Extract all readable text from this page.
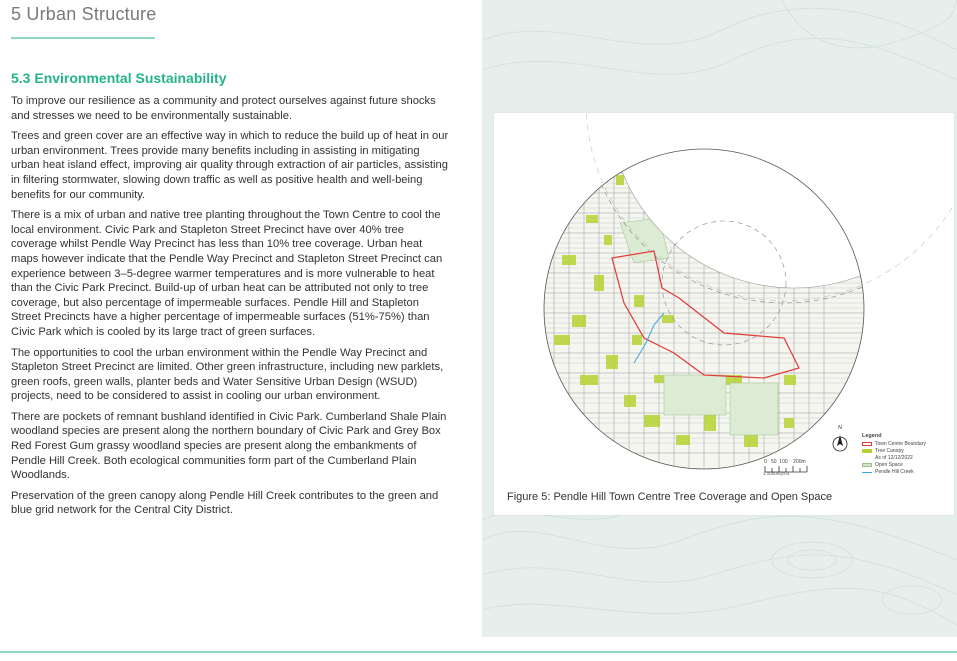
5 Urban Structure
5.3 Environmental Sustainability

To improve our resilience as a community and protect ourselves against future shocks and stresses we need to be environmentally sustainable.

Trees and green cover are an effective way in which to reduce the build up of heat in our urban environment. Trees provide many benefits including in assisting in mitigating urban heat island effect, improving air quality through extraction of air particles, assisting in filtering stormwater, slowing down traffic as well as positive health and well-being benefits for our community.

There is a mix of urban and native tree planting throughout the Town Centre to cool the local environment. Civic Park and Stapleton Street Precinct have over 40% tree coverage whilst Pendle Way Precinct has less than 10% tree coverage. Urban heat maps however indicate that the Pendle Way Precinct and Stapleton Street Precinct can experience between 3–5-degree warmer temperatures and is more vulnerable to heat than the Civic Park Precinct. Build-up of urban heat can be attributed not only to tree coverage, but also percentage of impermeable surfaces. Pendle Hill and Stapleton Street Precincts have a higher percentage of impermeable surfaces (51%-75%) than Civic Park which is cooled by its large tract of green surfaces.

The opportunities to cool the urban environment within the Pendle Way Precinct and Stapleton Street Precinct are limited. Other green infrastructure, including new parklets, green roofs, green walls, planter beds and Water Sensitive Urban Design (WSUD) projects, need to be considered to assist in cooling our urban environment.

There are pockets of remnant bushland identified in Civic Park. Cumberland Shale Plain woodland species are present along the northern boundary of Civic Park and Grey Box Red Forest Gum grassy woodland species are present along the embankments of Pendle Hill Creek. Both ecological communities form part of the Cumberland Plain Woodlands.

Preservation of the green canopy along Pendle Hill Creek contributes to the green and blue grid network for the Central City District.

N
0   50  100    200m
1:10000@A4
Legend
Town Centre Boundary
Tree Canopy
As of 12/12/2022
Open Space
Pendle Hill Creek
Figure 5: Pendle Hill Town Centre Tree Coverage and Open Space
